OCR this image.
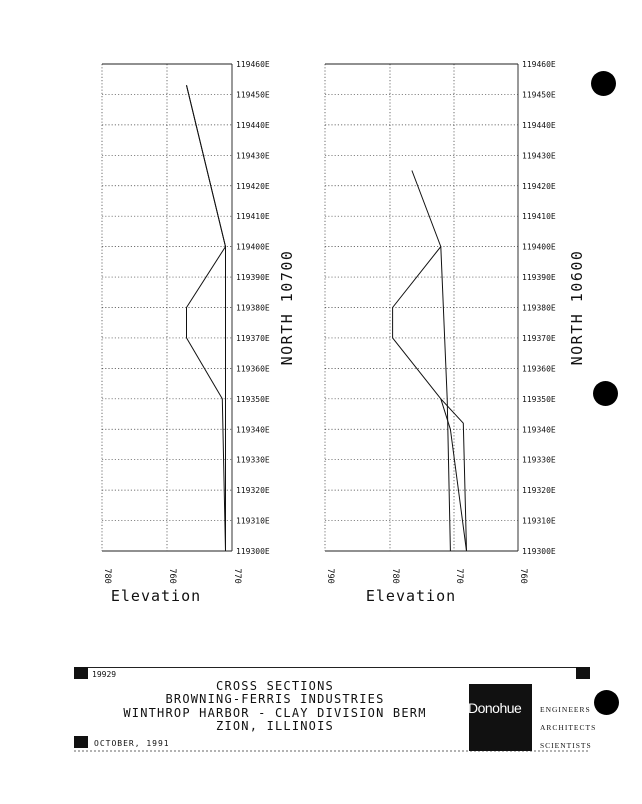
119300E
119310E
119320E
119330E
119340E
119350E
119360E
119370E
119380E
119390E
119400E
119410E
119420E
119430E
119440E
119450E
119460E
780	760	770
Elevation
NORTH 10700
119300E
119310E
119320E
119330E
119340E
119350E
119360E
119370E
119380E
119390E
119400E
119410E
119420E
119430E
119440E
119450E
119460E
790	780	770	760
Elevation
NORTH 10600
19929
CROSS SECTIONS
BROWNING-FERRIS INDUSTRIES
WINTHROP HARBOR - CLAY DIVISION BERM
ZION, ILLINOIS
OCTOBER, 1991
Donohue ENGINEERS
ARCHITECTS
SCIENTISTS
